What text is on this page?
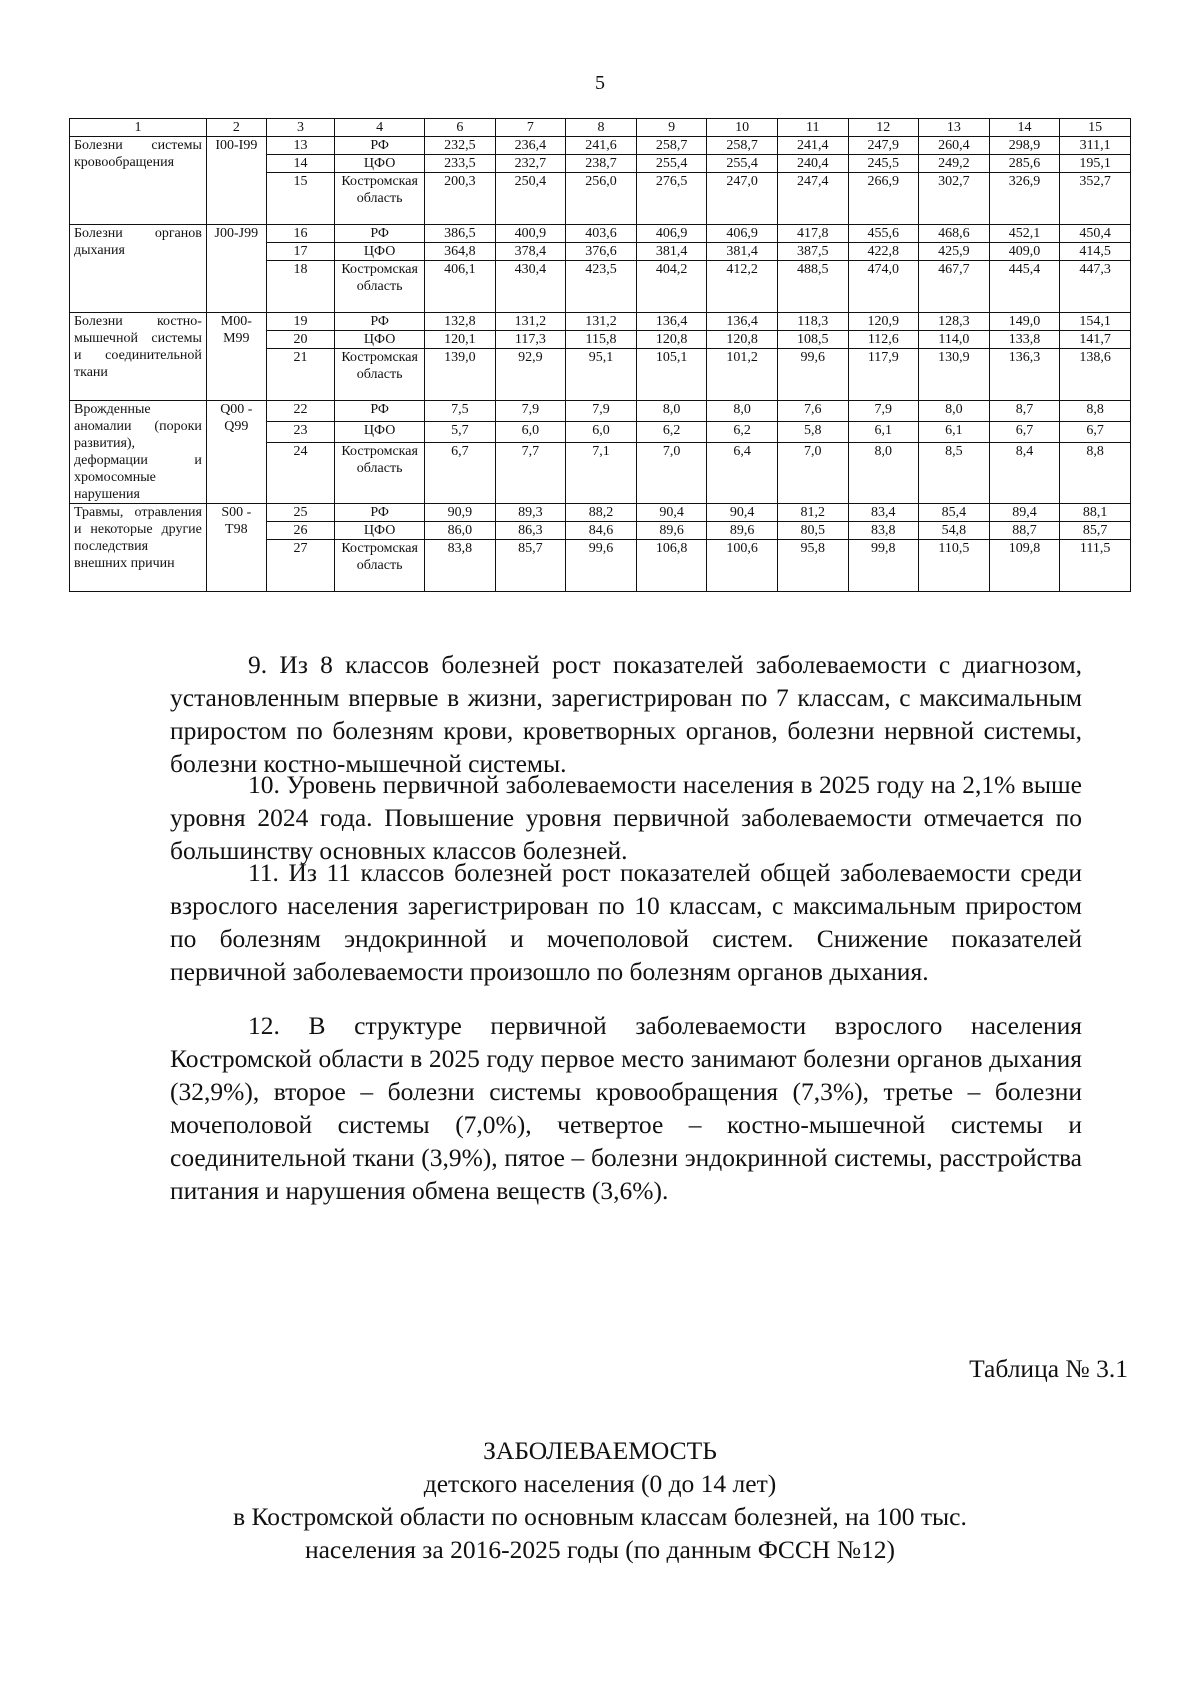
5
1	2	3	4	6	7	8	9	10	11	12	13	14	15
Болезни системы кровообращения	I00-I99	13	РФ	232,5	236,4	241,6	258,7	258,7	241,4	247,9	260,4	298,9	311,1
		14	ЦФО	233,5	232,7	238,7	255,4	255,4	240,4	245,5	249,2	285,6	195,1
		15	Костромская область	200,3	250,4	256,0	276,5	247,0	247,4	266,9	302,7	326,9	352,7
Болезни органов дыхания	J00-J99	16	РФ	386,5	400,9	403,6	406,9	406,9	417,8	455,6	468,6	452,1	450,4
		17	ЦФО	364,8	378,4	376,6	381,4	381,4	387,5	422,8	425,9	409,0	414,5
		18	Костромская область	406,1	430,4	423,5	404,2	412,2	488,5	474,0	467,7	445,4	447,3
Болезни костно-мышечной системы и соединительной ткани	M00-M99	19	РФ	132,8	131,2	131,2	136,4	136,4	118,3	120,9	128,3	149,0	154,1
		20	ЦФО	120,1	117,3	115,8	120,8	120,8	108,5	112,6	114,0	133,8	141,7
		21	Костромская область	139,0	92,9	95,1	105,1	101,2	99,6	117,9	130,9	136,3	138,6
Врожденные аномалии (пороки развития), деформации и хромосомные нарушения	Q00 - Q99	22	РФ	7,5	7,9	7,9	8,0	8,0	7,6	7,9	8,0	8,7	8,8
		23	ЦФО	5,7	6,0	6,0	6,2	6,2	5,8	6,1	6,1	6,7	6,7
		24	Костромская область	6,7	7,7	7,1	7,0	6,4	7,0	8,0	8,5	8,4	8,8
Травмы, отравления и некоторые другие последствия внешних причин	S00 - T98	25	РФ	90,9	89,3	88,2	90,4	90,4	81,2	83,4	85,4	89,4	88,1
		26	ЦФО	86,0	86,3	84,6	89,6	89,6	80,5	83,8	54,8	88,7	85,7
		27	Костромская область	83,8	85,7	99,6	106,8	100,6	95,8	99,8	110,5	109,8	111,5

9. Из 8 классов болезней рост показателей заболеваемости с диагнозом, установленным впервые в жизни, зарегистрирован по 7 классам, с максимальным приростом по болезням крови, кроветворных органов, болезни нервной системы, болезни костно-мышечной системы.

10. Уровень первичной заболеваемости населения в 2025 году на 2,1% выше уровня 2024 года. Повышение уровня первичной заболеваемости отмечается по большинству основных классов болезней.

11. Из 11 классов болезней рост показателей общей заболеваемости среди взрослого населения зарегистрирован по 10 классам, с максимальным приростом по болезням эндокринной и мочеполовой систем. Снижение показателей первичной заболеваемости произошло по болезням органов дыхания.

12. В структуре первичной заболеваемости взрослого населения Костромской области в 2025 году первое место занимают болезни органов дыхания (32,9%), второе – болезни системы кровообращения (7,3%), третье – болезни мочеполовой системы (7,0%), четвертое – костно-мышечной системы и соединительной ткани (3,9%), пятое – болезни эндокринной системы, расстройства питания и нарушения обмена веществ (3,6%).

Таблица № 3.1

ЗАБОЛЕВАЕМОСТЬ

детского населения (0 до 14 лет)

в Костромской области по основным классам болезней, на 100 тыс.

населения за 2016-2025 годы (по данным ФССН №12)
